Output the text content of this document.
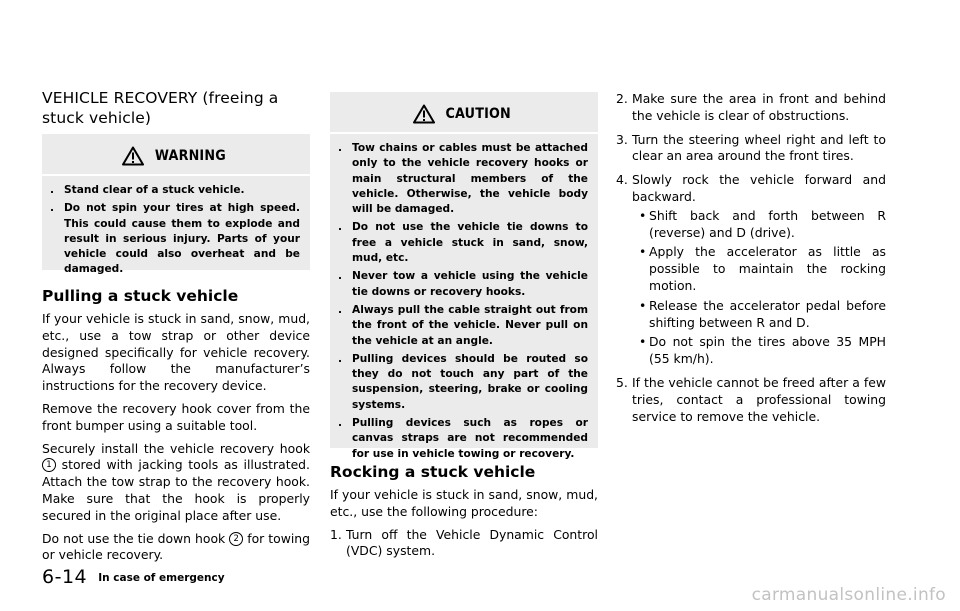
VEHICLE RECOVERY (freeing a stuck vehicle)
WARNING
. Stand clear of a stuck vehicle.
. Do not spin your tires at high speed. This could cause them to explode and result in serious injury. Parts of your vehicle could also overheat and be damaged.
Pulling a stuck vehicle

If your vehicle is stuck in sand, snow, mud, etc., use a tow strap or other device designed specifically for vehicle recovery. Always follow the manufacturer’s instructions for the recovery device.

Remove the recovery hook cover from the front bumper using a suitable tool.

Securely install the vehicle recovery hook 1 stored with jacking tools as illustrated. Attach the tow strap to the recovery hook. Make sure that the hook is properly secured in the original place after use.

Do not use the tie down hook 2 for towing or vehicle recovery.

CAUTION
. Tow chains or cables must be attached only to the vehicle recovery hooks or main structural members of the vehicle. Otherwise, the vehicle body will be damaged.
. Do not use the vehicle tie downs to free a vehicle stuck in sand, snow, mud, etc.
. Never tow a vehicle using the vehicle tie downs or recovery hooks.
. Always pull the cable straight out from the front of the vehicle. Never pull on the vehicle at an angle.
. Pulling devices should be routed so they do not touch any part of the suspension, steering, brake or cooling systems.
. Pulling devices such as ropes or canvas straps are not recommended for use in vehicle towing or recovery.
Rocking a stuck vehicle

If your vehicle is stuck in sand, snow, mud, etc., use the following procedure:

1. Turn off the Vehicle Dynamic Control (VDC) system.
2. Make sure the area in front and behind the vehicle is clear of obstructions.
3. Turn the steering wheel right and left to clear an area around the front tires.
4. Slowly rock the vehicle forward and backward.
• Shift back and forth between R (reverse) and D (drive).
• Apply the accelerator as little as possible to maintain the rocking motion.
• Release the accelerator pedal before shifting between R and D.
• Do not spin the tires above 35 MPH (55 km/h).
5. If the vehicle cannot be freed after a few tries, contact a professional towing service to remove the vehicle.
6-14 In case of emergency
carmanualsonline.info
